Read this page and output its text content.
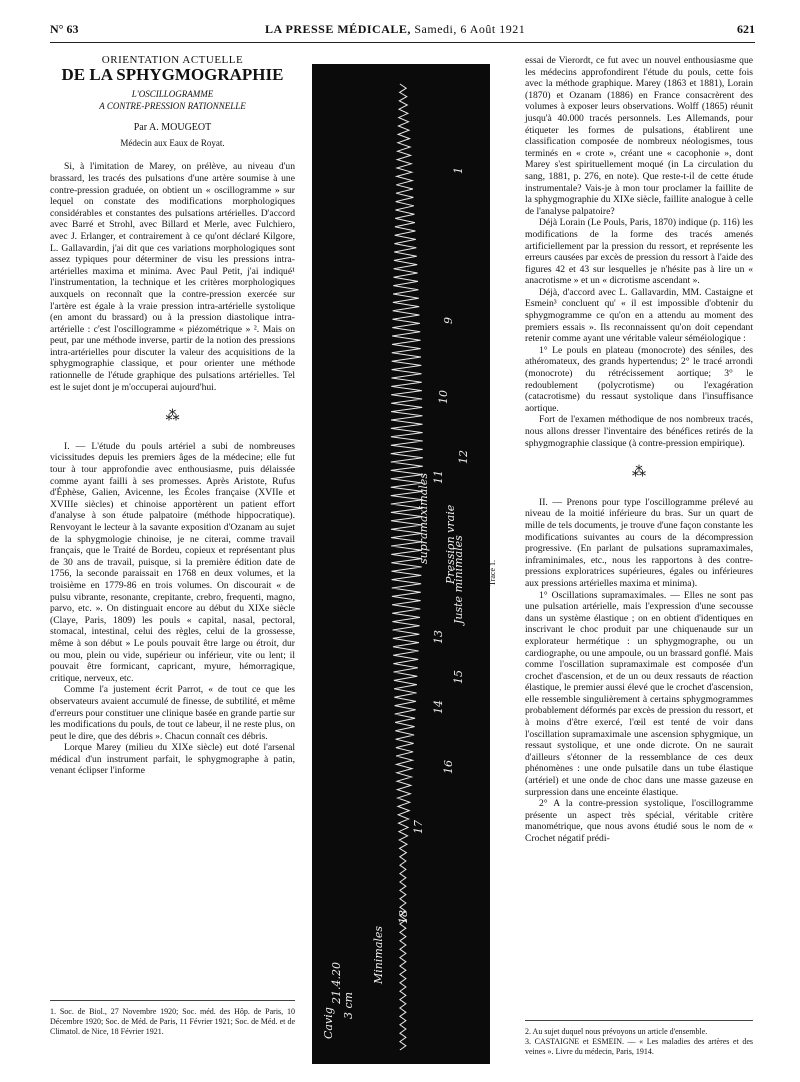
N° 63	LA PRESSE MÉDICALE, Samedi, 6 Août 1921	621
ORIENTATION ACTUELLE
DE LA SPHYGMOGRAPHIE
L'OSCILLOGRAMME
A CONTRE-PRESSION RATIONNELLE
Par A. MOUGEOT
Médecin aux Eaux de Royat.

Si, à l'imitation de Marey, on prélève, au niveau d'un brassard, les tracés des pulsations d'une artère soumise à une contre-pression graduée, on obtient un « oscillogramme » sur lequel on constate des modifications morphologiques considérables et constantes des pulsations artérielles. D'accord avec Barré et Strohl, avec Billard et Merle, avec Fulchiero, avec J. Erlanger, et contrairement à ce qu'ont déclaré Kilgore, L. Gallavardin, j'ai dit que ces variations morphologiques sont assez typiques pour déterminer de visu les pressions intra-artérielles maxima et minima. Avec Paul Petit, j'ai indiqué¹ l'instrumentation, la technique et les critères morphologiques auxquels on reconnaît que la contre-pression exercée sur l'artère est égale à la vraie pression intra-artérielle systolique (en amont du brassard) ou à la pression diastolique intra-artérielle : c'est l'oscillogramme « piézométrique » ². Mais on peut, par une méthode inverse, partir de la notion des pressions intra-artérielles pour discuter la valeur des acquisitions de la sphygmographie classique, et pour orienter une méthode rationnelle de l'étude graphique des pulsations artérielles. Tel est le sujet dont je m'occuperai aujourd'hui.

⁂

I. — L'étude du pouls artériel a subi de nombreuses vicissitudes depuis les premiers âges de la médecine; elle fut tour à tour approfondie avec enthousiasme, puis délaissée comme ayant failli à ses promesses. Après Aristote, Rufus d'Éphèse, Galien, Avicenne, les Écoles française (XVIIe et XVIIIe siècles) et chinoise apportèrent un patient effort d'analyse à son étude palpatoire (méthode hippocratique). Renvoyant le lecteur à la savante exposition d'Ozanam au sujet de la sphygmologie chinoise, je ne citerai, comme travail français, que le Traité de Bordeu, copieux et représentant plus de 30 ans de travail, puisque, si la première édition date de 1756, la seconde paraissait en 1768 en deux volumes, et la troisième en 1779-86 en trois volumes. On discourait « de pulsu vibrante, resonante, crepitante, crebro, frequenti, magno, parvo, etc. ». On distinguait encore au début du XIXe siècle (Claye, Paris, 1809) les pouls « capital, nasal, pectoral, stomacal, intestinal, celui des règles, celui de la grossesse, même à son début » Le pouls pouvait être large ou étroit, dur ou mou, plein ou vide, supérieur ou inférieur, vite ou lent; il pouvait être formicant, capricant, myure, hémorragique, critique, nerveux, etc.

Comme l'a justement écrit Parrot, « de tout ce que les observateurs avaient accumulé de finesse, de subtilité, et même d'erreurs pour constituer une clinique basée en grande partie sur les modifications du pouls, de tout ce labeur, il ne reste plus, on peut le dire, que des débris ». Chacun connaît ces débris.

Lorque Marey (milieu du XIXe siècle) eut doté l'arsenal médical d'un instrument parfait, le sphygmographe à patin, venant éclipser l'informe

1. Soc. de Biol., 27 Novembre 1920; Soc. méd. des Hôp. de Paris, 10 Décembre 1920; Soc. de Méd. de Paris, 11 Février 1921; Soc. de Méd. et de Climatol. de Nice, 18 Février 1921.
1
9
10
11
12
13
14
15
16
17
18
Minimales
Juste minimales
supramaximales Pression vraie
3 cm
21.4.20
Cavig
Tracé 1.

essai de Vierordt, ce fut avec un nouvel enthousiasme que les médecins approfondirent l'étude du pouls, cette fois avec la méthode graphique. Marey (1863 et 1881), Lorain (1870) et Ozanam (1886) en France consacrèrent des volumes à exposer leurs observations. Wolff (1865) réunit jusqu'à 40.000 tracés personnels. Les Allemands, pour étiqueter les formes de pulsations, établirent une classification composée de nombreux néologismes, tous terminés en « crote », créant une « cacophonie », dont Marey s'est spirituellement moqué (in La circulation du sang, 1881, p. 276, en note). Que reste-t-il de cette étude instrumentale? Vais-je à mon tour proclamer la faillite de la sphygmographie du XIXe siècle, faillite analogue à celle de l'analyse palpatoire?

Déjà Lorain (Le Pouls, Paris, 1870) indique (p. 116) les modifications de la forme des tracés amenés artificiellement par la pression du ressort, et représente les erreurs causées par excès de pression du ressort à l'aide des figures 42 et 43 sur lesquelles je n'hésite pas à lire un « anacrotisme » et un « dicrotisme ascendant ».

Déjà, d'accord avec L. Gallavardin, MM. Castaigne et Esmein³ concluent qu' « il est impossible d'obtenir du sphygmogramme ce qu'on en a attendu au moment des premiers essais ». Ils reconnaissent qu'on doit cependant retenir comme ayant une véritable valeur séméiologique :

1° Le pouls en plateau (monocrote) des séniles, des athéromateux, des grands hypertendus; 2° le tracé arrondi (monocrote) du rétrécissement aortique; 3° le redoublement (polycrotisme) ou l'exagération (catacrotisme) du ressaut systolique dans l'insuffisance aortique.

Fort de l'examen méthodique de nos nombreux tracés, nous allons dresser l'inventaire des bénéfices retirés de la sphygmographie classique (à contre-pression empirique).

⁂

II. — Prenons pour type l'oscillogramme prélevé au niveau de la moitié inférieure du bras. Sur un quart de mille de tels documents, je trouve d'une façon constante les modifications suivantes au cours de la décompression progressive. (En parlant de pulsations supramaximales, inframinimales, etc., nous les rapportons à des contre-pressions exploratrices supérieures, égales ou inférieures aux pressions artérielles maxima et minima).

1° Oscillations supramaximales. — Elles ne sont pas une pulsation artérielle, mais l'expression d'une secousse dans un système élastique ; on en obtient d'identiques en inscrivant le choc produit par une chiquenaude sur un explorateur hermétique : un sphygmographe, ou un cardiographe, ou une ampoule, ou un brassard gonflé. Mais comme l'oscillation supramaximale est composée d'un crochet d'ascension, et de un ou deux ressauts de réaction élastique, le premier aussi élevé que le crochet d'ascension, elle ressemble singulièrement à certains sphygmogrammes probablement déformés par excès de pression du ressort, et à moins d'être exercé, l'œil est tenté de voir dans l'oscillation supramaximale une ascension sphygmique, un ressaut systolique, et une onde dicrote. On ne saurait d'ailleurs s'étonner de la ressemblance de ces deux phénomènes : une onde pulsatile dans un tube élastique (artériel) et une onde de choc dans une masse gazeuse en surpression dans une enceinte élastique.

2° A la contre-pression systolique, l'oscillogramme présente un aspect très spécial, véritable critère manométrique, que nous avons étudié sous le nom de « Crochet négatif prédi-

2. Au sujet duquel nous prévoyons un article d'ensemble.
3. CASTAIGNE et ESMEIN. — « Les maladies des artères et des veines ». Livre du médecin, Paris, 1914.
